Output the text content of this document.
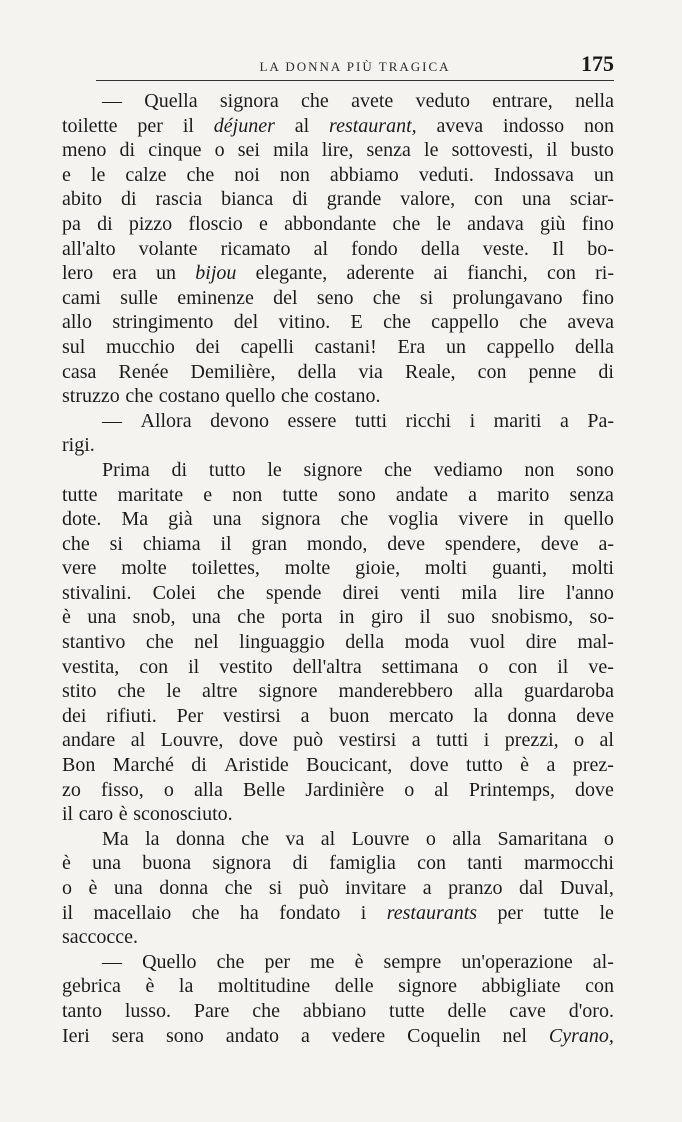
LA DONNA PIÙ TRAGICA	175
— Quella signora che avete veduto entrare, nella
toilette per il déjuner al restaurant, aveva indosso non
meno di cinque o sei mila lire, senza le sottovesti, il busto
e le calze che noi non abbiamo veduti. Indossava un
abito di rascia bianca di grande valore, con una sciar-
pa di pizzo floscio e abbondante che le andava giù fino
all'alto volante ricamato al fondo della veste. Il bo-
lero era un bijou elegante, aderente ai fianchi, con ri-
cami sulle eminenze del seno che si prolungavano fino
allo stringimento del vitino. E che cappello che aveva
sul mucchio dei capelli castani! Era un cappello della
casa Renée Demilière, della via Reale, con penne di
struzzo che costano quello che costano.
— Allora devono essere tutti ricchi i mariti a Pa-
rigi.
Prima di tutto le signore che vediamo non sono
tutte maritate e non tutte sono andate a marito senza
dote. Ma già una signora che voglia vivere in quello
che si chiama il gran mondo, deve spendere, deve a-
vere molte toilettes, molte gioie, molti guanti, molti
stivalini. Colei che spende direi venti mila lire l'anno
è una snob, una che porta in giro il suo snobismo, so-
stantivo che nel linguaggio della moda vuol dire mal-
vestita, con il vestito dell'altra settimana o con il ve-
stito che le altre signore manderebbero alla guardaroba
dei rifiuti. Per vestirsi a buon mercato la donna deve
andare al Louvre, dove può vestirsi a tutti i prezzi, o al
Bon Marché di Aristide Boucicant, dove tutto è a prez-
zo fisso, o alla Belle Jardinière o al Printemps, dove
il caro è sconosciuto.
Ma la donna che va al Louvre o alla Samaritana o
è una buona signora di famiglia con tanti marmocchi
o è una donna che si può invitare a pranzo dal Duval,
il macellaio che ha fondato i restaurants per tutte le
saccocce.
— Quello che per me è sempre un'operazione al-
gebrica è la moltitudine delle signore abbigliate con
tanto lusso. Pare che abbiano tutte delle cave d'oro.
Ieri sera sono andato a vedere Coquelin nel Cyrano,
